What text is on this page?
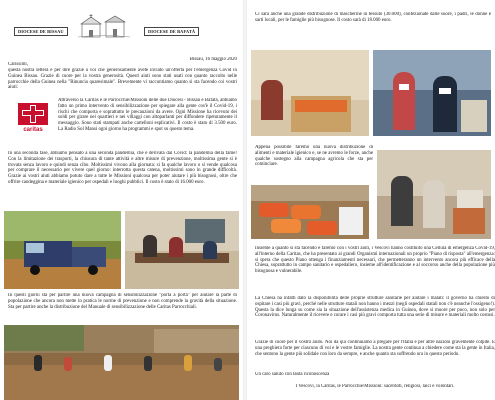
DIOCESE DE BISSAU	DIOCESE DE BAFATÁ
caritas

Bissau, 16 maggio 2020

Carissimi,

questa nostra lettera è per dire grazie a voi che generosamente avete inviato un'offerta per l'emergenza Covid in Guinea Bissau. Grazie di cuore per la vostra generosità. Questi aiuti sono stati usati con quanto raccolto nelle parrocchie della Guinea nella "Rinuncia quaresimale". Brevemente vi raccontiamo quanto si sta facendo coi vostri aiuti:

Attraverso la Caritas e le Parrocchie/Missioni delle due Diocesi - Bissau e Bafatá, abbiamo fatto un primo intervento di sensibilizzazione per spiegare alla gente cos'è il Covid-19, i rischi che comporta e soprattutto le precauzioni da avere. Ogni Missione ha ricevuto dei soldi per girare nei quartieri e nei villaggi con altoparlanti per diffondere ripetutamente il messaggio. Sono stati stampati anche cartelloni esplicativi. Il costo è stato di 3.500 euro. La Radio Sol Mansi ogni giorno ha programmi e spot su questo tema.

In una seconda fase, abbiamo pensato a una seconda pandemia, che è derivata dal Covid: la pandemia della fame! Con la limitazione dei trasporti, la chiusura di tante attività e altre misure di prevenzione, moltissima gente si è trovata senza lavoro e quindi senza cibo. Moltissimi vivono alla giornata: si fa qualche lavoro o si vende qualcosa per comprare il necessario per vivere quel giorno: interrotta questa catena, moltissimi sono in grande difficoltà. Grazie ai vostri aiuti abbiamo potuto dare a tutte le Missioni qualcosa per poter aiutare i più bisognosi, oltre che offrire candeggina e materiale igienico per ospedali e luoghi pubblici. Il costo è stato di 16.000 euro.

In questi giorni sta per partire una nuova campagna di sensibilizzazione "porta a porta" per aiutare la parte di popolazione che ancora non mette in pratica le norme di prevenzione e non comprende la gravità della situazione. Sta per partire anche la distribuzione del Manuale di sensibilizzazione delle Caritas Parrocchiali.

Ci sarà anche una grande distribuzione di mascherine in tessuto (30.000), confezionate dalle suore, i padri, le donne e sarti locali, per le famiglie più bisognose. Il costo sarà di 18.000 euro.

Appena possibile faremo una nuova distribuzione di alimenti e materiale igienico e, se ne avremo le forze, anche qualche sostegno alla campagna agricola che sta per cominciare.

Insieme a quanto si sta facendo e faremo con i vostri aiuti, i Vescovi hanno costituito una Cellula di emergenza Covid-19, all'interno della Caritas, che ha presentato ai grandi Organismi internazionali un proprio "Piano di risposta" all'emergenza: si spera che questo Piano ottenga i finanziamenti necessari, che permetteranno un intervento ancora più efficace della Chiesa, soprattutto in campo sanitario e ospedaliero, insieme all'identificazione e al soccorso anche della popolazione più bisognosa e vulnerabile.

La Chiesa ha infatti dato la disponibilità delle proprie strutture sanitarie per aiutare i malati: il governo ha chiesto di ospitare i casi più gravi, perché nelle strutture statali non hanno i mezzi (negli ospedali statali non c'è neanche l'ossigeno!). Questa la dice lunga su come sia la situazione dell'assistenza medica in Guinea, dove si muore per poco, non solo per Coronavirus. Naturalmente il ricevere e curare i casi più gravi comporta tutta una serie di misure e materiali molto costosi.

Grazie di cuore per il vostro aiuto. Noi da qui continuiamo a pregare per l'Italia e per altre nazioni gravemente colpite. È una preghiera forte per ciascuno di voi e le vostre famiglie. La nostra gente continua a chiedere come sta la gente in Italia, che sentono la gente più solidale con loro da sempre, e anche quanto sta soffrendo ora in questo periodo.

Un caro saluto con tanta riconoscenza

I Vescovi, la Caritas, le Parrocchie/Missioni: sacerdoti, religiosi, laici e volontari.
